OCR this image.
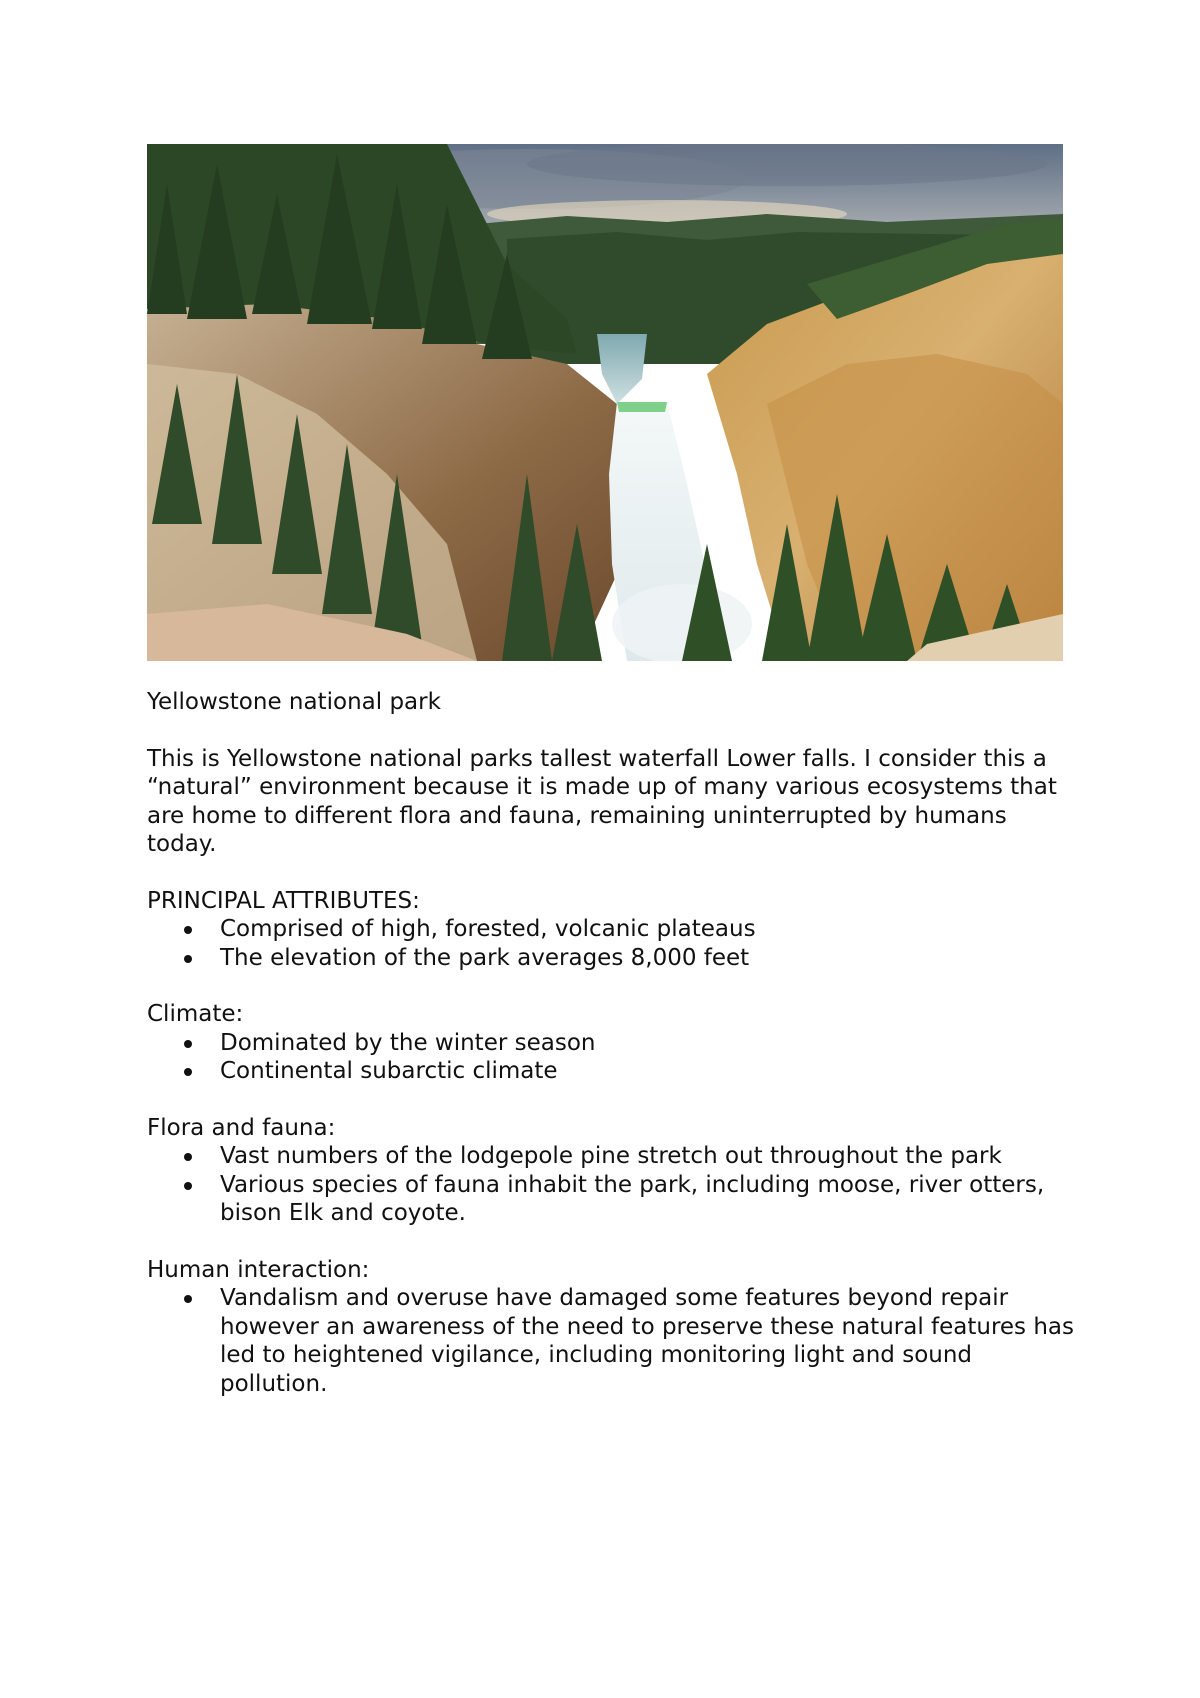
Yellowstone national park

This is Yellowstone national parks tallest waterfall Lower falls. I consider this a “natural” environment because it is made up of many various ecosystems that are home to different flora and fauna, remaining uninterrupted by humans today.

PRINCIPAL ATTRIBUTES:

Comprised of high, forested, volcanic plateaus
The elevation of the park averages 8,000 feet

Climate:

Dominated by the winter season
Continental subarctic climate

Flora and fauna:

Vast numbers of the lodgepole pine stretch out throughout the park
Various species of fauna inhabit the park, including moose, river otters, bison Elk and coyote.

Human interaction:

Vandalism and overuse have damaged some features beyond repair however an awareness of the need to preserve these natural features has led to heightened vigilance, including monitoring light and sound pollution.
